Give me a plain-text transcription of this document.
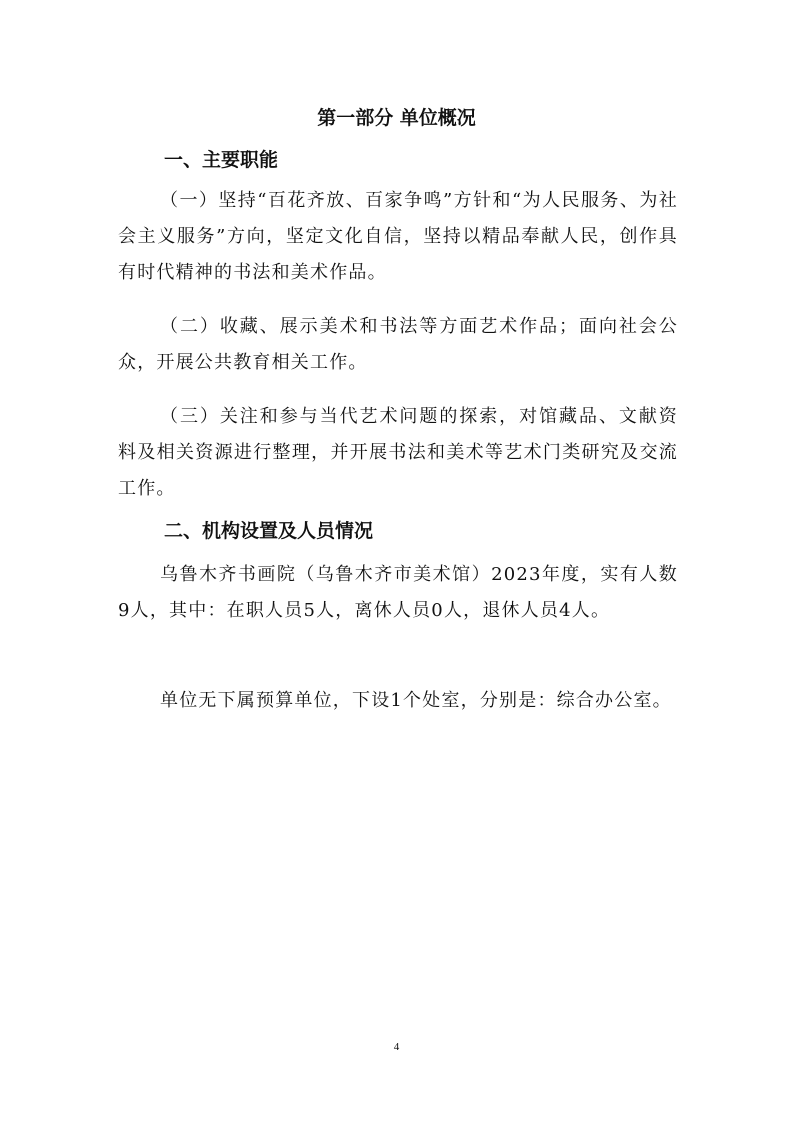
第一部分 单位概况
一、主要职能

（一）坚持“百花齐放、百家争鸣”方针和“为人民服务、为社会主义服务”方向，坚定文化自信，坚持以精品奉献人民，创作具有时代精神的书法和美术作品。

（二）收藏、展示美术和书法等方面艺术作品；面向社会公众，开展公共教育相关工作。

（三）关注和参与当代艺术问题的探索，对馆藏品、文献资料及相关资源进行整理，并开展书法和美术等艺术门类研究及交流工作。

二、机构设置及人员情况

乌鲁木齐书画院（乌鲁木齐市美术馆）2023年度，实有人数9人，其中：在职人员5人，离休人员0人，退休人员4人。

单位无下属预算单位，下设1个处室，分别是：综合办公室。

4
